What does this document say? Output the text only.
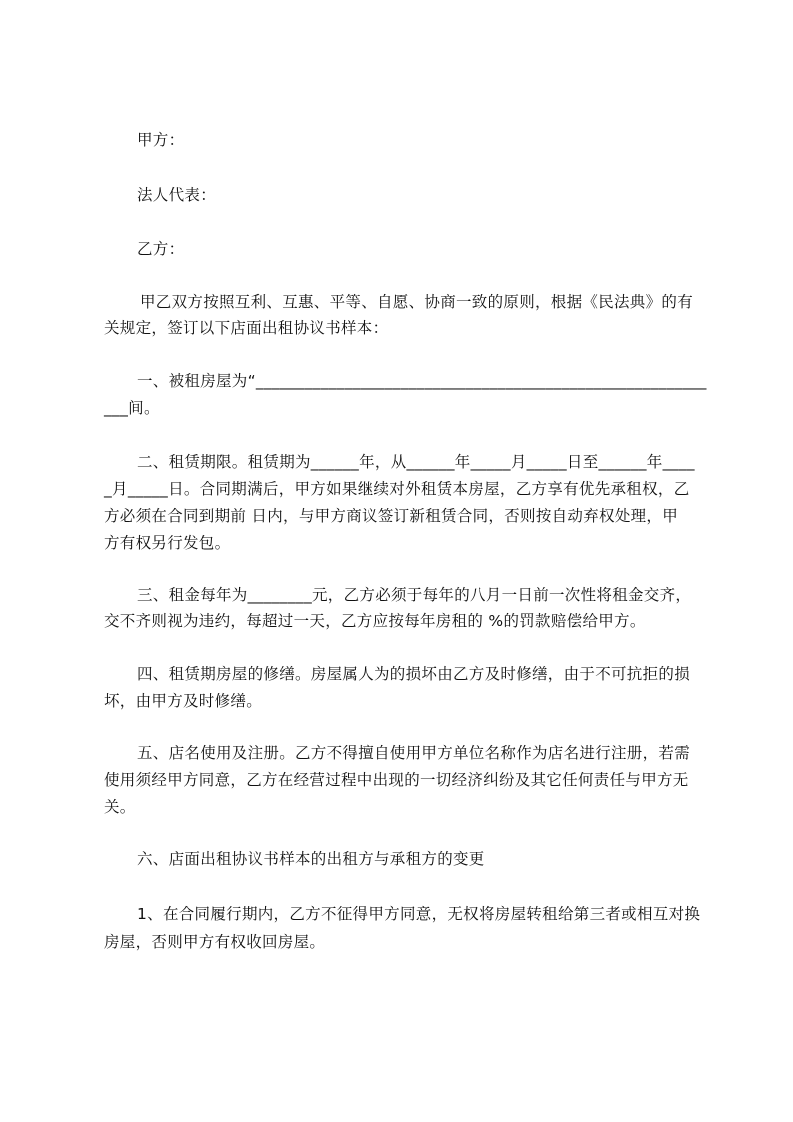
甲方：

法人代表：

乙方：

甲乙双方按照互利、互惠、平等、自愿、协商一致的原则，根据《民法典》的有

关规定，签订以下店面出租协议书样本：

一、被租房屋为“________________________________________________________

___间。

二、租赁期限。租赁期为______年，从______年_____月_____日至______年____

_月_____日。合同期满后，甲方如果继续对外租赁本房屋，乙方享有优先承租权，乙

方必须在合同到期前 日内，与甲方商议签订新租赁合同，否则按自动弃权处理，甲

方有权另行发包。

三、租金每年为________元，乙方必须于每年的八月一日前一次性将租金交齐，

交不齐则视为违约，每超过一天，乙方应按每年房租的 %的罚款赔偿给甲方。

四、租赁期房屋的修缮。房屋属人为的损坏由乙方及时修缮，由于不可抗拒的损

坏，由甲方及时修缮。

五、店名使用及注册。乙方不得擅自使用甲方单位名称作为店名进行注册，若需

使用须经甲方同意，乙方在经营过程中出现的一切经济纠纷及其它任何责任与甲方无

关。

六、店面出租协议书样本的出租方与承租方的变更

1、在合同履行期内，乙方不征得甲方同意，无权将房屋转租给第三者或相互对换

房屋，否则甲方有权收回房屋。
